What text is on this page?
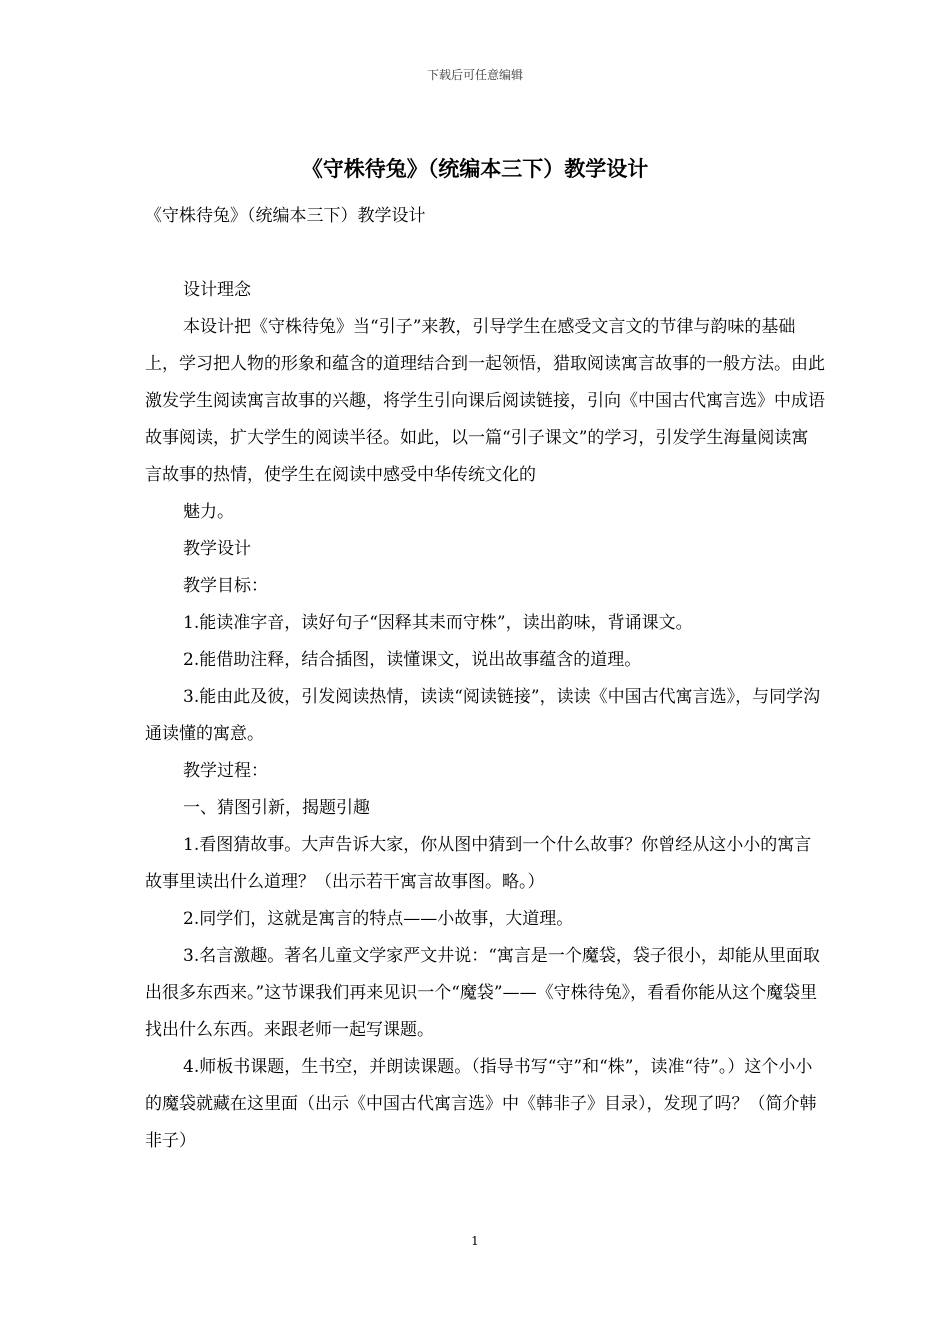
下载后可任意编辑
《守株待兔》（统编本三下）教学设计

《守株待兔》（统编本三下）教学设计

设计理念

本设计把《守株待兔》当“引子”来教，引导学生在感受文言文的节律与韵味的基础上，学习把人物的形象和蕴含的道理结合到一起领悟，猎取阅读寓言故事的一般方法。由此激发学生阅读寓言故事的兴趣，将学生引向课后阅读链接，引向《中国古代寓言选》中成语故事阅读，扩大学生的阅读半径。如此，以一篇“引子课文”的学习，引发学生海量阅读寓言故事的热情，使学生在阅读中感受中华传统文化的

魅力。

教学设计

教学目标：

1.能读准字音，读好句子“因释其耒而守株”，读出韵味，背诵课文。

2.能借助注释，结合插图，读懂课文，说出故事蕴含的道理。

3.能由此及彼，引发阅读热情，读读“阅读链接”，读读《中国古代寓言选》，与同学沟通读懂的寓意。

教学过程：

一、猜图引新，揭题引趣

1.看图猜故事。大声告诉大家，你从图中猜到一个什么故事？你曾经从这小小的寓言故事里读出什么道理？（出示若干寓言故事图。略。）

2.同学们，这就是寓言的特点——小故事，大道理。

3.名言激趣。著名儿童文学家严文井说：“寓言是一个魔袋，袋子很小，却能从里面取出很多东西来。”这节课我们再来见识一个“魔袋”——《守株待兔》，看看你能从这个魔袋里找出什么东西。来跟老师一起写课题。

4.师板书课题，生书空，并朗读课题。（指导书写“守”和“株”，读准“待”。）这个小小的魔袋就藏在这里面（出示《中国古代寓言选》中《韩非子》目录），发现了吗？（简介韩非子）

1
